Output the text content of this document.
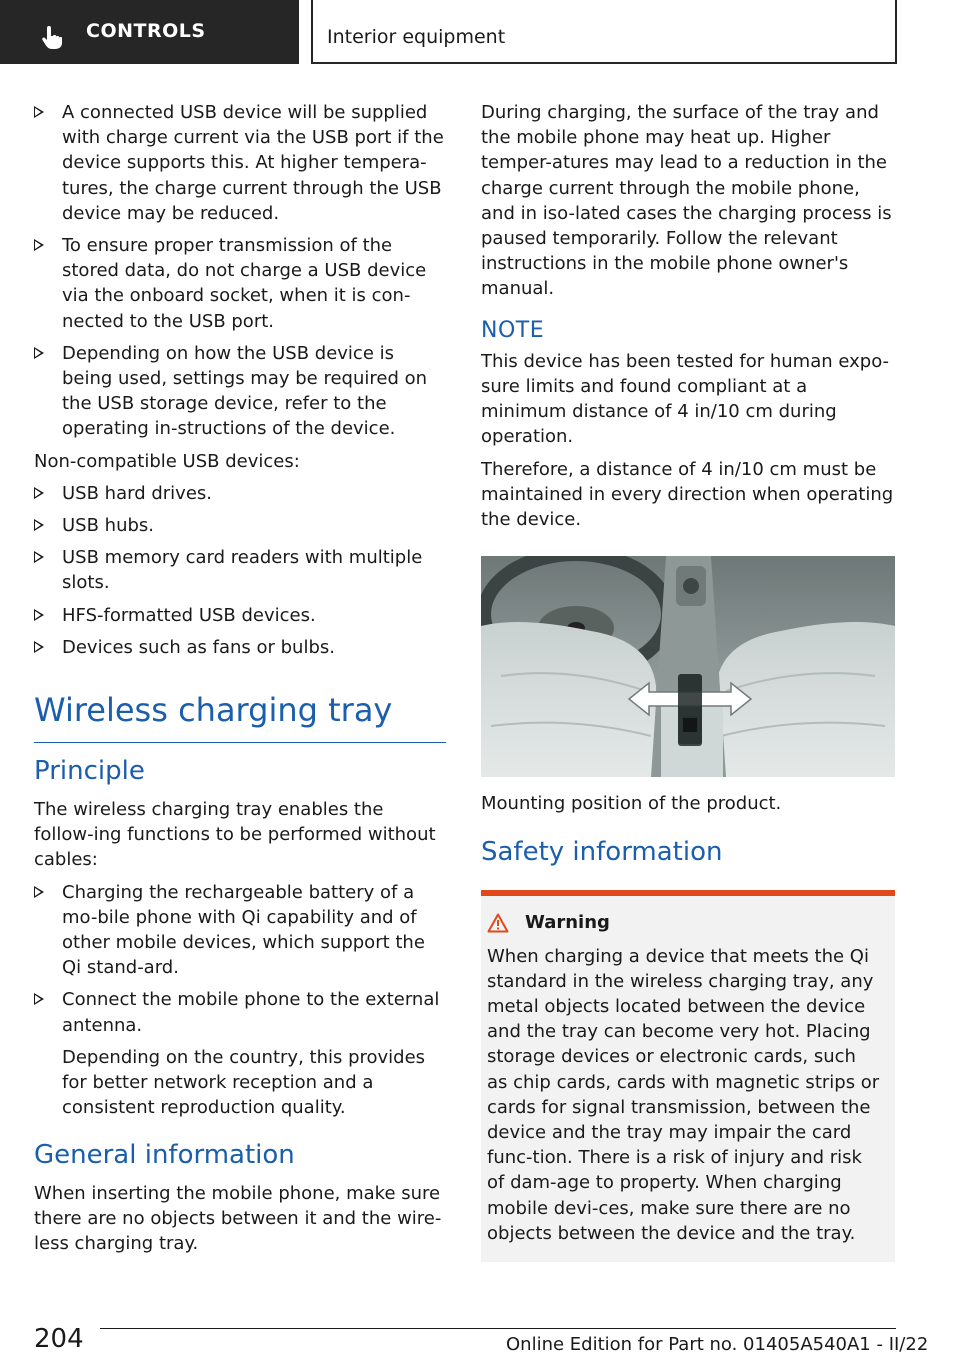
CONTROLS	Interior equipment
A connected USB device will be supplied with charge current via the USB port if the device supports this. At higher tempera-tures, the charge current through the USB device may be reduced.
To ensure proper transmission of the stored data, do not charge a USB device via the onboard socket, when it is con-nected to the USB port.
Depending on how the USB device is being used, settings may be required on the USB storage device, refer to the operating in-structions of the device.

Non-compatible USB devices:

USB hard drives.
USB hubs.
USB memory card readers with multiple slots.
HFS-formatted USB devices.
Devices such as fans or bulbs.
Wireless charging tray
Principle

The wireless charging tray enables the follow-ing functions to be performed without cables:

Charging the rechargeable battery of a mo-bile phone with Qi capability and of other mobile devices, which support the Qi stand-ard.
Connect the mobile phone to the external antenna.
Depending on the country, this provides for better network reception and a consistent reproduction quality.
General information

When inserting the mobile phone, make sure there are no objects between it and the wire-less charging tray.

During charging, the surface of the tray and the mobile phone may heat up. Higher temper-atures may lead to a reduction in the charge current through the mobile phone, and in iso-lated cases the charging process is paused temporarily. Follow the relevant instructions in the mobile phone owner's manual.

NOTE

This device has been tested for human expo-sure limits and found compliant at a minimum distance of 4 in/10 cm during operation.

Therefore, a distance of 4 in/10 cm must be maintained in every direction when operating the device.

Mounting position of the product.

Safety information
Warning

When charging a device that meets the Qi standard in the wireless charging tray, any metal objects located between the device and the tray can become very hot. Placing storage devices or electronic cards, such as chip cards, cards with magnetic strips or cards for signal transmission, between the device and the tray may impair the card func-tion. There is a risk of injury and risk of dam-age to property. When charging mobile devi-ces, make sure there are no objects between the device and the tray.

204	Online Edition for Part no. 01405A540A1 - II/22
